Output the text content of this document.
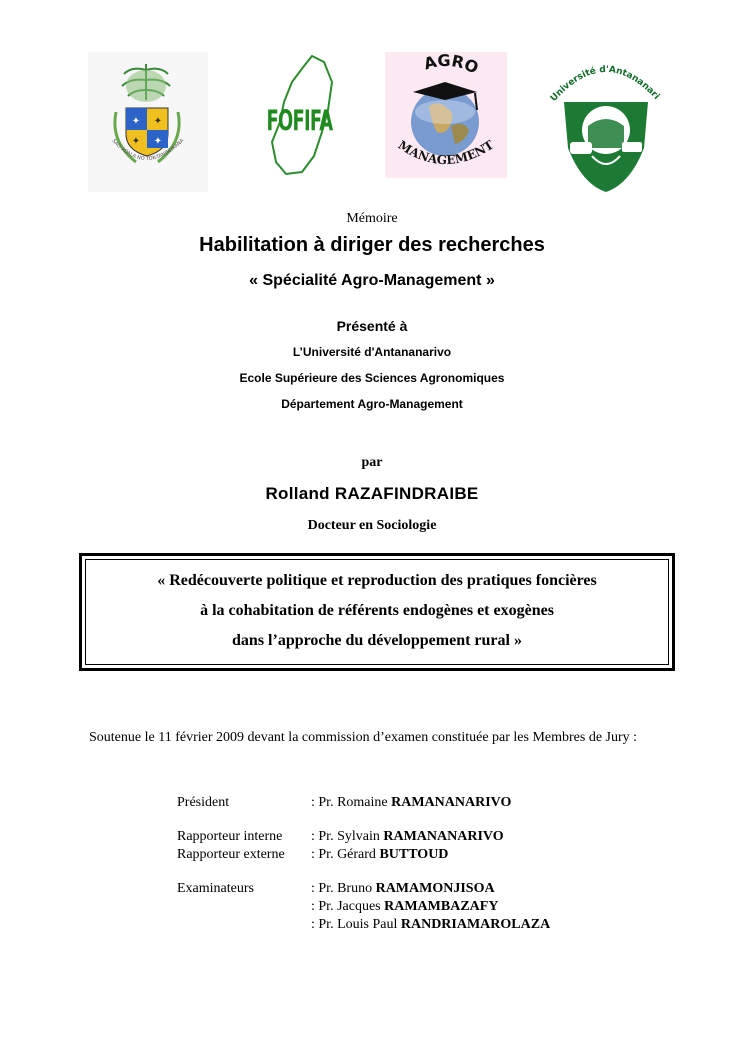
✦ ✦
✦ ✦
SAO-ADALA NO TOK-TANINDRANA
FOFIFA
AGRO
MANAGEMENT
Université d'Antananari
Mémoire
Habilitation à diriger des recherches
« Spécialité Agro-Management »
Présenté à
L’Université d'Antananarivo
Ecole Supérieure des Sciences Agronomiques
Département Agro-Management
par
Rolland RAZAFINDRAIBE
Docteur en Sociologie
« Redécouverte politique et reproduction des pratiques foncières
à la cohabitation de référents endogènes et exogènes
dans l’approche du développement rural »
Soutenue le 11 février 2009 devant la commission d’examen constituée par les Membres de Jury :
Président	: Pr. Romaine RAMANANARIVO
Rapporteur interne : Pr. Sylvain RAMANANARIVO
Rapporteur externe : Pr. Gérard BUTTOUD
Examinateurs	: Pr. Bruno RAMAMONJISOA
: Pr. Jacques RAMAMBAZAFY
: Pr. Louis Paul RANDRIAMAROLAZA
